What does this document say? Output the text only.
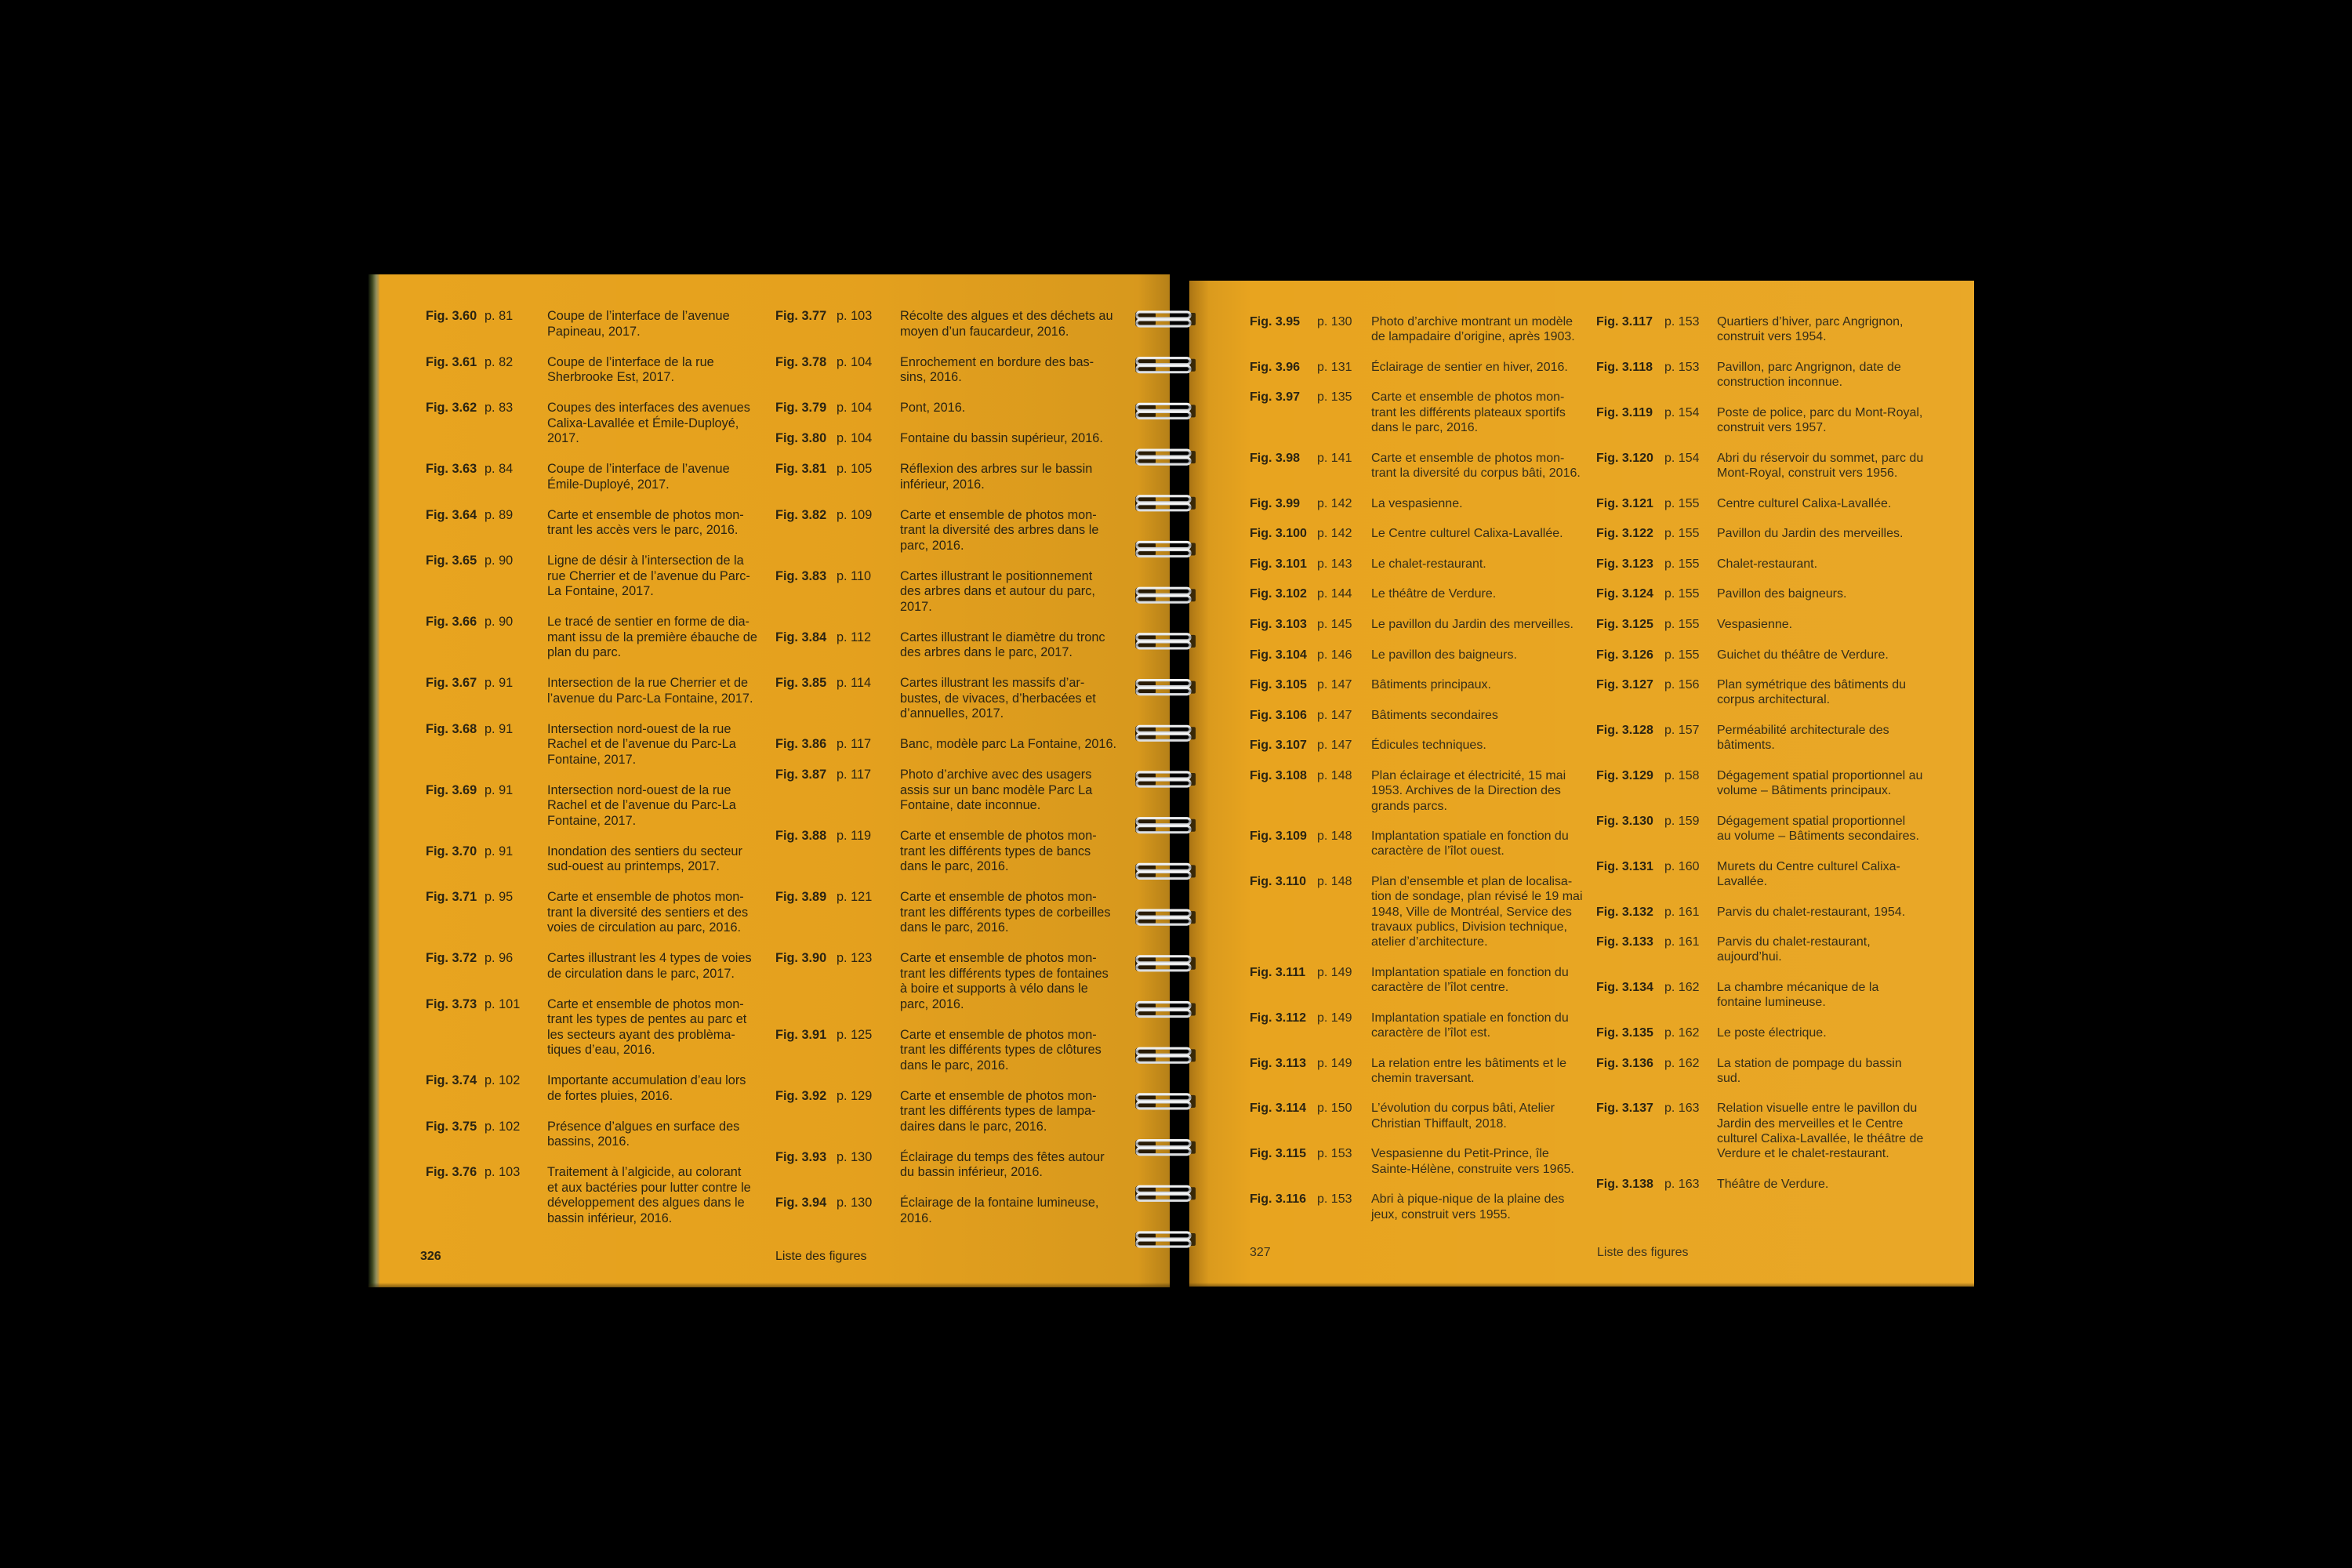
Fig. 3.60 p. 81	Coupe de l’interface de l’avenue
Papineau, 2017.
Fig. 3.61 p. 82	Coupe de l’interface de la rue
Sherbrooke Est, 2017.
Fig. 3.62 p. 83	Coupes des interfaces des avenues
Calixa-Lavallée et Émile-Duployé,
2017.
Fig. 3.63 p. 84	Coupe de l’interface de l’avenue
Émile-Duployé, 2017.
Fig. 3.64 p. 89	Carte et ensemble de photos mon-
trant les accès vers le parc, 2016.
Fig. 3.65 p. 90	Ligne de désir à l’intersection de la
rue Cherrier et de l’avenue du Parc-
La Fontaine, 2017.
Fig. 3.66 p. 90	Le tracé de sentier en forme de dia-
mant issu de la première ébauche de
plan du parc.
Fig. 3.67 p. 91	Intersection de la rue Cherrier et de
l’avenue du Parc-La Fontaine, 2017.
Fig. 3.68 p. 91	Intersection nord-ouest de la rue
Rachel et de l’avenue du Parc-La
Fontaine, 2017.
Fig. 3.69 p. 91	Intersection nord-ouest de la rue
Rachel et de l’avenue du Parc-La
Fontaine, 2017.
Fig. 3.70 p. 91	Inondation des sentiers du secteur
sud-ouest au printemps, 2017.
Fig. 3.71 p. 95	Carte et ensemble de photos mon-
trant la diversité des sentiers et des
voies de circulation au parc, 2016.
Fig. 3.72 p. 96	Cartes illustrant les 4 types de voies
de circulation dans le parc, 2017.
Fig. 3.73 p. 101	Carte et ensemble de photos mon-
trant les types de pentes au parc et
les secteurs ayant des problèma-
tiques d’eau, 2016.
Fig. 3.74 p. 102	Importante accumulation d’eau lors
de fortes pluies, 2016.
Fig. 3.75 p. 102	Présence d’algues en surface des
bassins, 2016.
Fig. 3.76 p. 103	Traitement à l’algicide, au colorant
et aux bactéries pour lutter contre le
développement des algues dans le
bassin inférieur, 2016.
Fig. 3.77 p. 103	Récolte des algues et des déchets au
moyen d’un faucardeur, 2016.
Fig. 3.78 p. 104	Enrochement en bordure des bas-
sins, 2016.
Fig. 3.79 p. 104	Pont, 2016.
Fig. 3.80 p. 104	Fontaine du bassin supérieur, 2016.
Fig. 3.81 p. 105	Réflexion des arbres sur le bassin
inférieur, 2016.
Fig. 3.82 p. 109	Carte et ensemble de photos mon-
trant la diversité des arbres dans le
parc, 2016.
Fig. 3.83 p. 110	Cartes illustrant le positionnement
des arbres dans et autour du parc,
2017.
Fig. 3.84 p. 112	Cartes illustrant le diamètre du tronc
des arbres dans le parc, 2017.
Fig. 3.85 p. 114	Cartes illustrant les massifs d’ar-
bustes, de vivaces, d’herbacées et
d’annuelles, 2017.
Fig. 3.86 p. 117	Banc, modèle parc La Fontaine, 2016.
Fig. 3.87 p. 117	Photo d’archive avec des usagers
assis sur un banc modèle Parc La
Fontaine, date inconnue.
Fig. 3.88 p. 119	Carte et ensemble de photos mon-
trant les différents types de bancs
dans le parc, 2016.
Fig. 3.89 p. 121	Carte et ensemble de photos mon-
trant les différents types de corbeilles
dans le parc, 2016.
Fig. 3.90 p. 123	Carte et ensemble de photos mon-
trant les différents types de fontaines
à boire et supports à vélo dans le
parc, 2016.
Fig. 3.91 p. 125	Carte et ensemble de photos mon-
trant les différents types de clôtures
dans le parc, 2016.
Fig. 3.92 p. 129	Carte et ensemble de photos mon-
trant les différents types de lampa-
daires dans le parc, 2016.
Fig. 3.93 p. 130	Éclairage du temps des fêtes autour
du bassin inférieur, 2016.
Fig. 3.94 p. 130	Éclairage de la fontaine lumineuse,
2016.
326	Liste des figures
Fig. 3.95	p. 130	Photo d’archive montrant un modèle
de lampadaire d’origine, après 1903.
Fig. 3.96	p. 131	Éclairage de sentier en hiver, 2016.
Fig. 3.97	p. 135	Carte et ensemble de photos mon-
trant les différents plateaux sportifs
dans le parc, 2016.
Fig. 3.98	p. 141	Carte et ensemble de photos mon-
trant la diversité du corpus bâti, 2016.
Fig. 3.99	p. 142	La vespasienne.
Fig. 3.100 p. 142	Le Centre culturel Calixa-Lavallée.
Fig. 3.101 p. 143	Le chalet-restaurant.
Fig. 3.102 p. 144	Le théâtre de Verdure.
Fig. 3.103 p. 145	Le pavillon du Jardin des merveilles.
Fig. 3.104 p. 146	Le pavillon des baigneurs.
Fig. 3.105 p. 147	Bâtiments principaux.
Fig. 3.106 p. 147	Bâtiments secondaires
Fig. 3.107 p. 147	Édicules techniques.
Fig. 3.108 p. 148	Plan éclairage et électricité, 15 mai
1953. Archives de la Direction des
grands parcs.
Fig. 3.109 p. 148	Implantation spatiale en fonction du
caractère de l’îlot ouest.
Fig. 3.110 p. 148	Plan d’ensemble et plan de localisa-
tion de sondage, plan révisé le 19 mai
1948, Ville de Montréal, Service des
travaux publics, Division technique,
atelier d’architecture.
Fig. 3.111 p. 149	Implantation spatiale en fonction du
caractère de l’îlot centre.
Fig. 3.112 p. 149	Implantation spatiale en fonction du
caractère de l’îlot est.
Fig. 3.113 p. 149	La relation entre les bâtiments et le
chemin traversant.
Fig. 3.114 p. 150	L’évolution du corpus bâti, Atelier
Christian Thiffault, 2018.
Fig. 3.115 p. 153	Vespasienne du Petit-Prince, île
Sainte-Hélène, construite vers 1965.
Fig. 3.116 p. 153	Abri à pique-nique de la plaine des
jeux, construit vers 1955.
Fig. 3.117 p. 153	Quartiers d’hiver, parc Angrignon,
construit vers 1954.
Fig. 3.118 p. 153	Pavillon, parc Angrignon, date de
construction inconnue.
Fig. 3.119 p. 154	Poste de police, parc du Mont-Royal,
construit vers 1957.
Fig. 3.120 p. 154	Abri du réservoir du sommet, parc du
Mont-Royal, construit vers 1956.
Fig. 3.121 p. 155	Centre culturel Calixa-Lavallée.
Fig. 3.122 p. 155	Pavillon du Jardin des merveilles.
Fig. 3.123 p. 155	Chalet-restaurant.
Fig. 3.124 p. 155	Pavillon des baigneurs.
Fig. 3.125 p. 155	Vespasienne.
Fig. 3.126 p. 155	Guichet du théâtre de Verdure.
Fig. 3.127 p. 156	Plan symétrique des bâtiments du
corpus architectural.
Fig. 3.128 p. 157	Perméabilité architecturale des
bâtiments.
Fig. 3.129 p. 158	Dégagement spatial proportionnel au
volume – Bâtiments principaux.
Fig. 3.130 p. 159	Dégagement spatial proportionnel
au volume – Bâtiments secondaires.
Fig. 3.131 p. 160	Murets du Centre culturel Calixa-
Lavallée.
Fig. 3.132 p. 161	Parvis du chalet-restaurant, 1954.
Fig. 3.133 p. 161	Parvis du chalet-restaurant,
aujourd’hui.
Fig. 3.134 p. 162	La chambre mécanique de la
fontaine lumineuse.
Fig. 3.135 p. 162	Le poste électrique.
Fig. 3.136 p. 162	La station de pompage du bassin
sud.
Fig. 3.137 p. 163	Relation visuelle entre le pavillon du
Jardin des merveilles et le Centre
culturel Calixa-Lavallée, le théâtre de
Verdure et le chalet-restaurant.
Fig. 3.138 p. 163	Théâtre de Verdure.
327	Liste des figures
